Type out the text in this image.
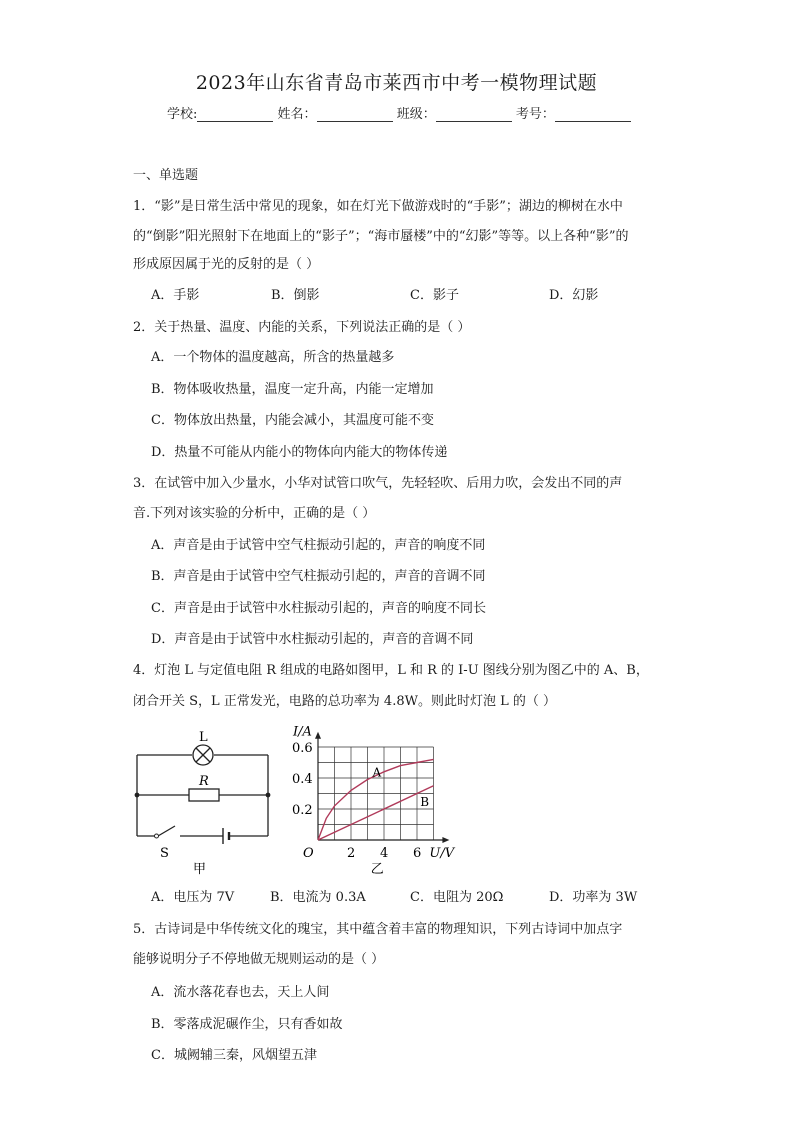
2023年山东省青岛市莱西市中考一模物理试题
学校:	姓名：	班级：	考号：
一、单选题
1．“影”是日常生活中常见的现象，如在灯光下做游戏时的“手影”；湖边的柳树在水中
的“倒影”阳光照射下在地面上的“影子”；“海市蜃楼”中的“幻影”等等。以上各种“影”的
形成原因属于光的反射的是（ ）
A．手影	B．倒影	C．影子	D．幻影
2．关于热量、温度、内能的关系，下列说法正确的是（ ）
A．一个物体的温度越高，所含的热量越多
B．物体吸收热量，温度一定升高，内能一定增加
C．物体放出热量，内能会减小，其温度可能不变
D．热量不可能从内能小的物体向内能大的物体传递
3．在试管中加入少量水，小华对试管口吹气，先轻轻吹、后用力吹，会发出不同的声
音.下列对该实验的分析中，正确的是（ ）
A．声音是由于试管中空气柱振动引起的，声音的响度不同
B．声音是由于试管中空气柱振动引起的，声音的音调不同
C．声音是由于试管中水柱振动引起的，声音的响度不同长
D．声音是由于试管中水柱振动引起的，声音的音调不同
4．灯泡 L 与定值电阻 R 组成的电路如图甲，L 和 R 的 I-U 图线分别为图乙中的 A、B，
闭合开关 S，L 正常发光，电路的总功率为 4.8W。则此时灯泡 L 的（ ）
L
R
S
甲
2 4 6
0.2
0.4
0.6
O	U/V
I/A
A
B
乙
A．电压为 7V	B．电流为 0.3A	C．电阻为 20Ω	D．功率为 3W
5．古诗词是中华传统文化的瑰宝，其中蕴含着丰富的物理知识，下列古诗词中加点字
能够说明分子不停地做无规则运动的是（ ）
A．流水落花春也去，天上人间
B．零落成泥碾作尘，只有香如故
C．城阙辅三秦，风烟望五津
